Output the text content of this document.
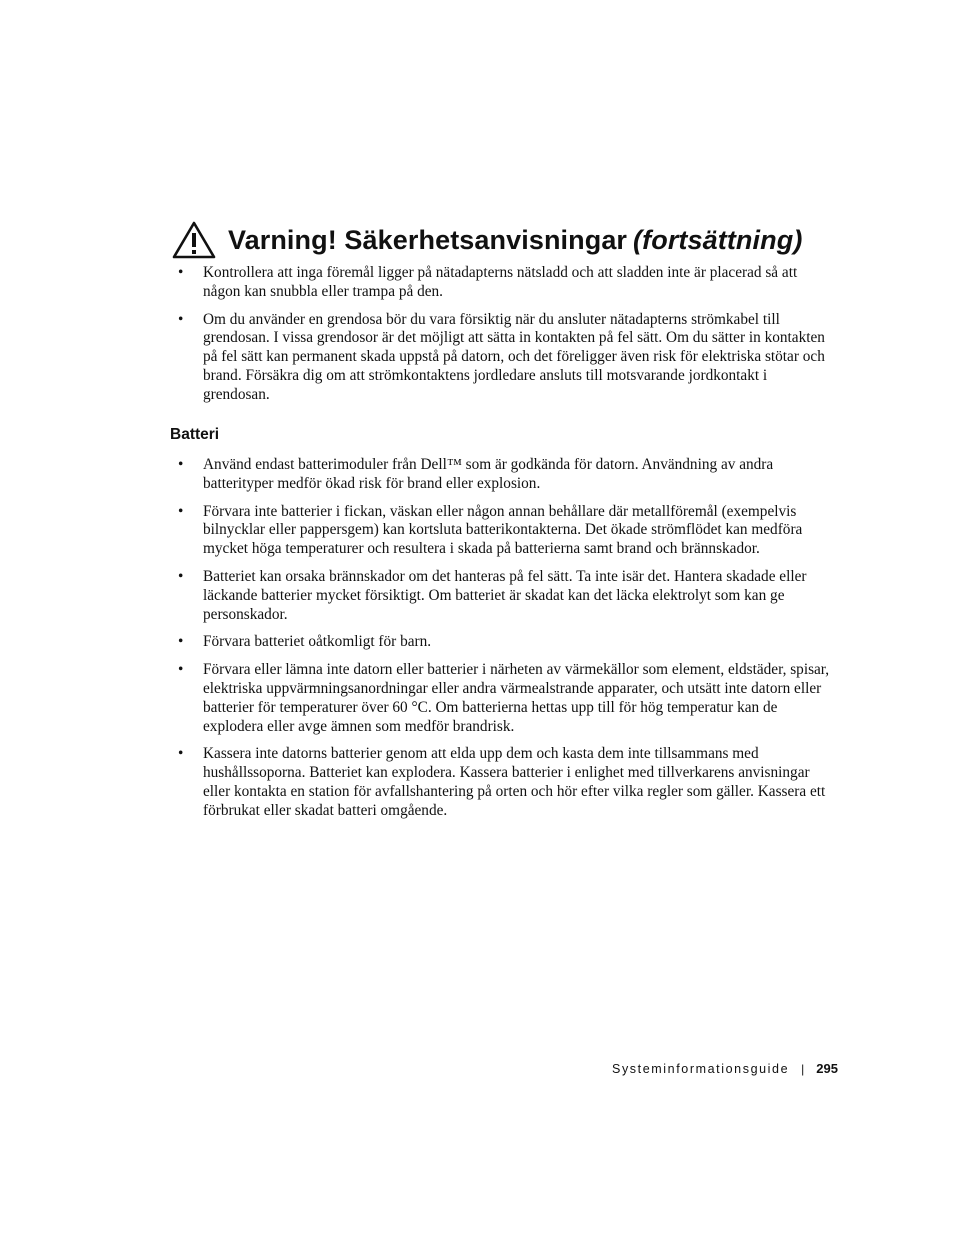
Varning! Säkerhetsanvisningar (fortsättning)
• Kontrollera att inga föremål ligger på nätadapterns nätsladd och att sladden inte är placerad så att någon kan snubbla eller trampa på den.
• Om du använder en grendosa bör du vara försiktig när du ansluter nätadapterns strömkabel till grendosan. I vissa grendosor är det möjligt att sätta in kontakten på fel sätt. Om du sätter in kontakten på fel sätt kan permanent skada uppstå på datorn, och det föreligger även risk för elektriska stötar och brand. Försäkra dig om att strömkontaktens jordledare ansluts till motsvarande jordkontakt i grendosan.
Batteri
• Använd endast batterimoduler från Dell™ som är godkända för datorn. Användning av andra batterityper medför ökad risk för brand eller explosion.
• Förvara inte batterier i fickan, väskan eller någon annan behållare där metallföremål (exempelvis bilnycklar eller pappersgem) kan kortsluta batterikontakterna. Det ökade strömflödet kan medföra mycket höga temperaturer och resultera i skada på batterierna samt brand och brännskador.
• Batteriet kan orsaka brännskador om det hanteras på fel sätt. Ta inte isär det. Hantera skadade eller läckande batterier mycket försiktigt. Om batteriet är skadat kan det läcka elektrolyt som kan ge personskador.
• Förvara batteriet oåtkomligt för barn.
• Förvara eller lämna inte datorn eller batterier i närheten av värmekällor som element, eldstäder, spisar, elektriska uppvärmningsanordningar eller andra värmealstrande apparater, och utsätt inte datorn eller batterier för temperaturer över 60 °C. Om batterierna hettas upp till för hög temperatur kan de explodera eller avge ämnen som medför brandrisk.
• Kassera inte datorns batterier genom att elda upp dem och kasta dem inte tillsammans med hushållssoporna. Batteriet kan explodera. Kassera batterier i enlighet med tillverkarens anvisningar eller kontakta en station för avfallshantering på orten och hör efter vilka regler som gäller. Kassera ett förbrukat eller skadat batteri omgående.
Systeminformationsguide | 295
